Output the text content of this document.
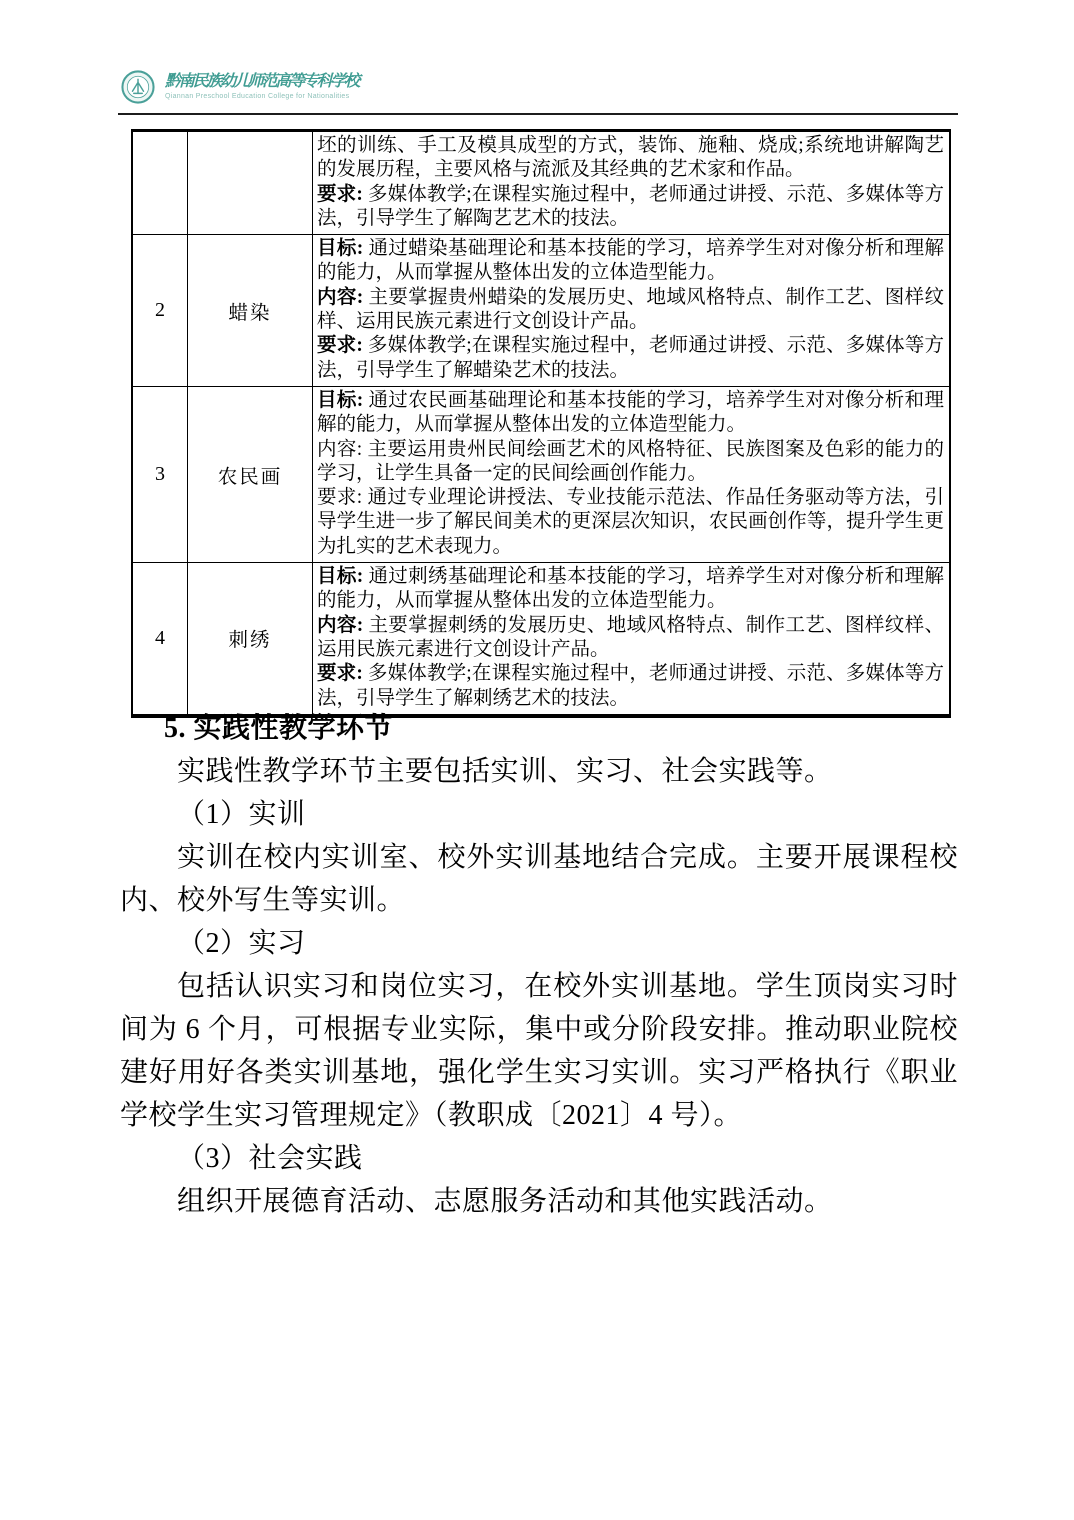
黔南民族幼儿师范高等专科学校
Qiannan Preschool Education College for Nationalities

		坯的训练、手工及模具成型的方式，装饰、施釉、烧成;系统地讲解陶艺的发展历程，主要风格与流派及其经典的艺术家和作品。
要求: 多媒体教学;在课程实施过程中，老师通过讲授、示范、多媒体等方法，引导学生了解陶艺艺术的技法。

2	蜡染	目标: 通过蜡染基础理论和基本技能的学习，培养学生对对像分析和理解的能力，从而掌握从整体出发的立体造型能力。
内容: 主要掌握贵州蜡染的发展历史、地域风格特点、制作工艺、图样纹样、运用民族元素进行文创设计产品。
要求: 多媒体教学;在课程实施过程中，老师通过讲授、示范、多媒体等方法，引导学生了解蜡染艺术的技法。

3	农民画	目标: 通过农民画基础理论和基本技能的学习，培养学生对对像分析和理解的能力，从而掌握从整体出发的立体造型能力。
内容: 主要运用贵州民间绘画艺术的风格特征、民族图案及色彩的能力的学习，让学生具备一定的民间绘画创作能力。
要求: 通过专业理论讲授法、专业技能示范法、作品任务驱动等方法，引导学生进一步了解民间美术的更深层次知识，农民画创作等，提升学生更为扎实的艺术表现力。

4	刺绣	目标: 通过刺绣基础理论和基本技能的学习，培养学生对对像分析和理解的能力，从而掌握从整体出发的立体造型能力。
内容: 主要掌握刺绣的发展历史、地域风格特点、制作工艺、图样纹样、运用民族元素进行文创设计产品。
要求: 多媒体教学;在课程实施过程中，老师通过讲授、示范、多媒体等方法，引导学生了解刺绣艺术的技法。

5. 实践性教学环节

实践性教学环节主要包括实训、实习、社会实践等。

（1）实训

实训在校内实训室、校外实训基地结合完成。主要开展课程校内、校外写生等实训。

（2）实习

包括认识实习和岗位实习，在校外实训基地。学生顶岗实习时间为 6 个月，可根据专业实际，集中或分阶段安排。推动职业院校建好用好各类实训基地，强化学生实习实训。实习严格执行《职业学校学生实习管理规定》（教职成〔2021〕4 号）。

（3）社会实践

组织开展德育活动、志愿服务活动和其他实践活动。
